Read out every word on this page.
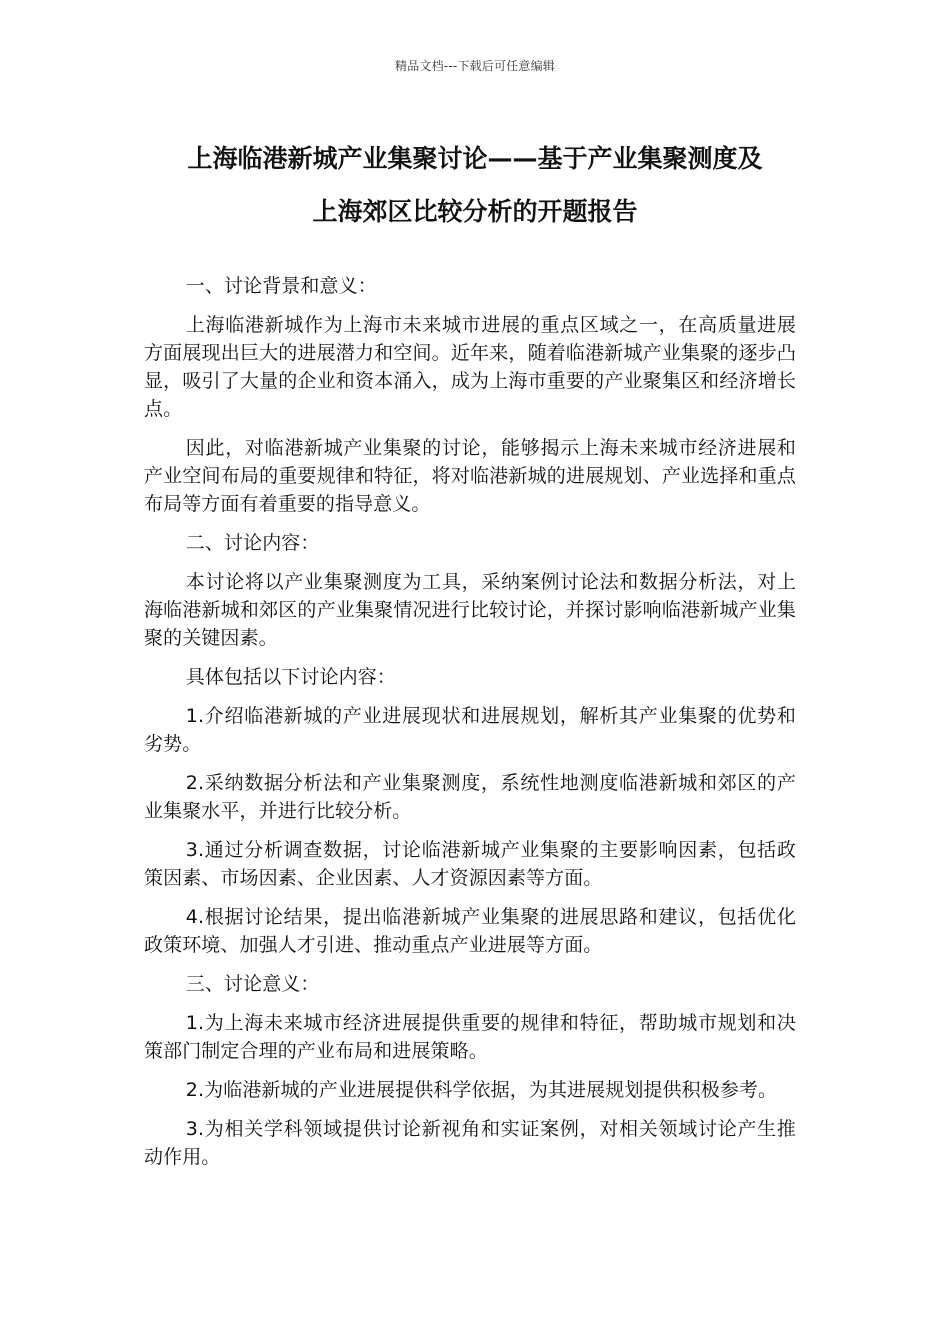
精品文档---下载后可任意编辑
上海临港新城产业集聚讨论——基于产业集聚测度及
上海郊区比较分析的开题报告

一、讨论背景和意义：

上海临港新城作为上海市未来城市进展的重点区域之一，在高质量进展方面展现出巨大的进展潜力和空间。近年来，随着临港新城产业集聚的逐步凸显，吸引了大量的企业和资本涌入，成为上海市重要的产业聚集区和经济增长点。

因此，对临港新城产业集聚的讨论，能够揭示上海未来城市经济进展和产业空间布局的重要规律和特征，将对临港新城的进展规划、产业选择和重点布局等方面有着重要的指导意义。

二、讨论内容：

本讨论将以产业集聚测度为工具，采纳案例讨论法和数据分析法，对上海临港新城和郊区的产业集聚情况进行比较讨论，并探讨影响临港新城产业集聚的关键因素。

具体包括以下讨论内容：

1.介绍临港新城的产业进展现状和进展规划，解析其产业集聚的优势和劣势。

2.采纳数据分析法和产业集聚测度，系统性地测度临港新城和郊区的产业集聚水平，并进行比较分析。

3.通过分析调查数据，讨论临港新城产业集聚的主要影响因素，包括政策因素、市场因素、企业因素、人才资源因素等方面。

4.根据讨论结果，提出临港新城产业集聚的进展思路和建议，包括优化政策环境、加强人才引进、推动重点产业进展等方面。

三、讨论意义：

1.为上海未来城市经济进展提供重要的规律和特征，帮助城市规划和决策部门制定合理的产业布局和进展策略。

2.为临港新城的产业进展提供科学依据，为其进展规划提供积极参考。

3.为相关学科领域提供讨论新视角和实证案例，对相关领域讨论产生推动作用。
